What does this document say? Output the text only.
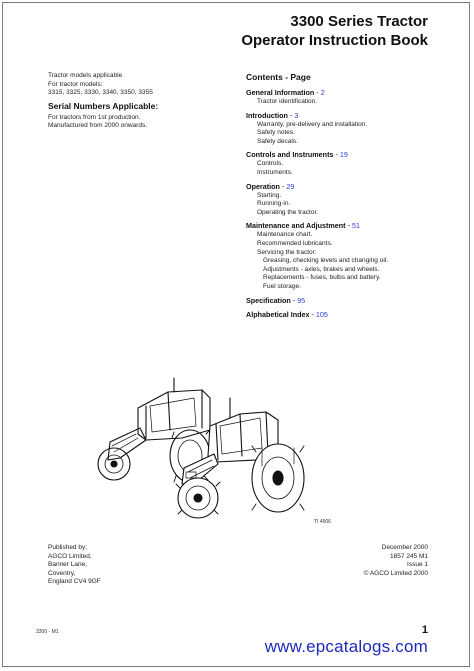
3300 Series Tractor
Operator Instruction Book
Tractor models applicable
For tractor models:
3315, 3325, 3330, 3340, 3350, 3355
Serial Numbers Applicable:
For tractors from 1st production.
Manufactured from 2000 onwards.
Contents - Page
General Information - 2
Tractor identification.
Introduction - 3
Warranty, pre-delivery and installation.
Safety notes.
Safety decals.
Controls and Instruments - 19
Controls.
Instruments.
Operation - 29
Starting.
Running-in.
Operating the tractor.
Maintenance and Adjustment - 51
Maintenance chart.
Recommended lubricants.
Servicing the tractor:
Greasing, checking levels and changing oil.
Adjustments - axles, brakes and wheels.
Replacements - fuses, bulbs and battery.
Fuel storage.
Specification - 95
Alphabetical Index - 105
TI 4506
Published by;
AGCO Limited,
Banner Lane,
Coventry,
England CV4 9GF
December 2000
1857 245 M1
Issue 1
© AGCO Limited 2000
3300 - M1	1
www.epcatalogs.com
